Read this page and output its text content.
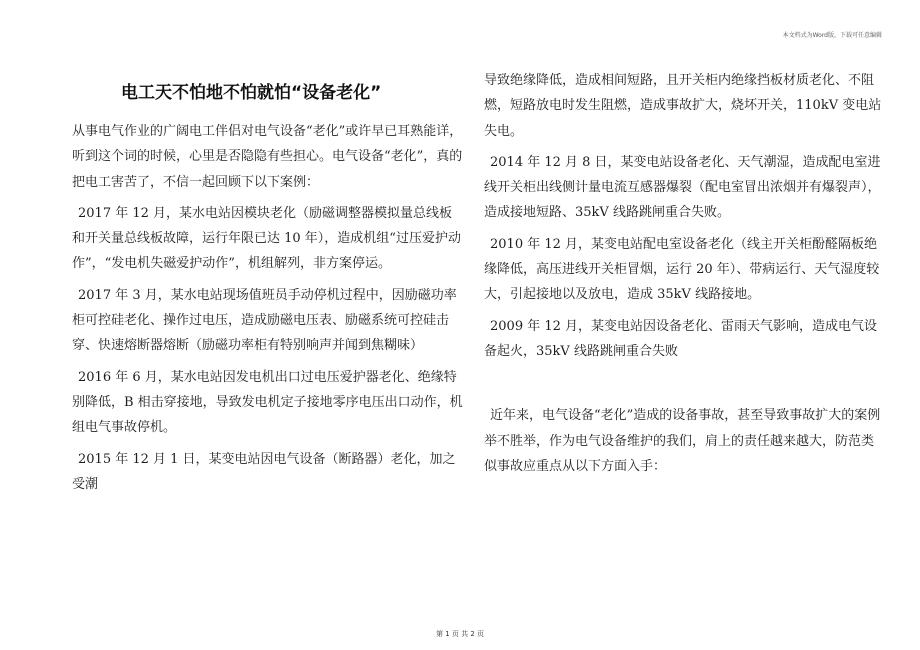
本文档式为Word版，下载可任意编辑
电工天不怕地不怕就怕“设备老化”

从事电气作业的广阔电工伴侣对电气设备“老化”或许早已耳熟能详，听到这个词的时候，心里是否隐隐有些担心。电气设备“老化”，真的把电工害苦了，不信一起回顾下以下案例：

2017 年 12 月，某水电站因模块老化（励磁调整器模拟量总线板和开关量总线板故障，运行年限已达 10 年），造成机组“过压爱护动作”，“发电机失磁爱护动作”，机组解列，非方案停运。

2017 年 3 月，某水电站现场值班员手动停机过程中，因励磁功率柜可控硅老化、操作过电压，造成励磁电压表、励磁系统可控硅击穿、快速熔断器熔断（励磁功率柜有特别响声并闻到焦糊味）

2016 年 6 月，某水电站因发电机出口过电压爱护器老化、绝缘特别降低，B 相击穿接地，导致发电机定子接地零序电压出口动作，机组电气事故停机。

2015 年 12 月 1 日，某变电站因电气设备（断路器）老化，加之受潮

导致绝缘降低，造成相间短路，且开关柜内绝缘挡板材质老化、不阻燃，短路放电时发生阻燃，造成事故扩大，烧坏开关，110kV 变电站失电。

2014 年 12 月 8 日，某变电站设备老化、天气潮湿，造成配电室进线开关柜出线侧计量电流互感器爆裂（配电室冒出浓烟并有爆裂声），造成接地短路、35kV 线路跳闸重合失败。

2010 年 12 月，某变电站配电室设备老化（线主开关柜酚醛隔板绝缘降低，高压进线开关柜冒烟，运行 20 年）、带病运行、天气湿度较大，引起接地以及放电，造成 35kV 线路接地。

2009 年 12 月，某变电站因设备老化、雷雨天气影响，造成电气设备起火，35kV 线路跳闸重合失败

近年来，电气设备“老化”造成的设备事故，甚至导致事故扩大的案例举不胜举，作为电气设备维护的我们，肩上的责任越来越大，防范类似事故应重点从以下方面入手：

第 1 页 共 2 页
